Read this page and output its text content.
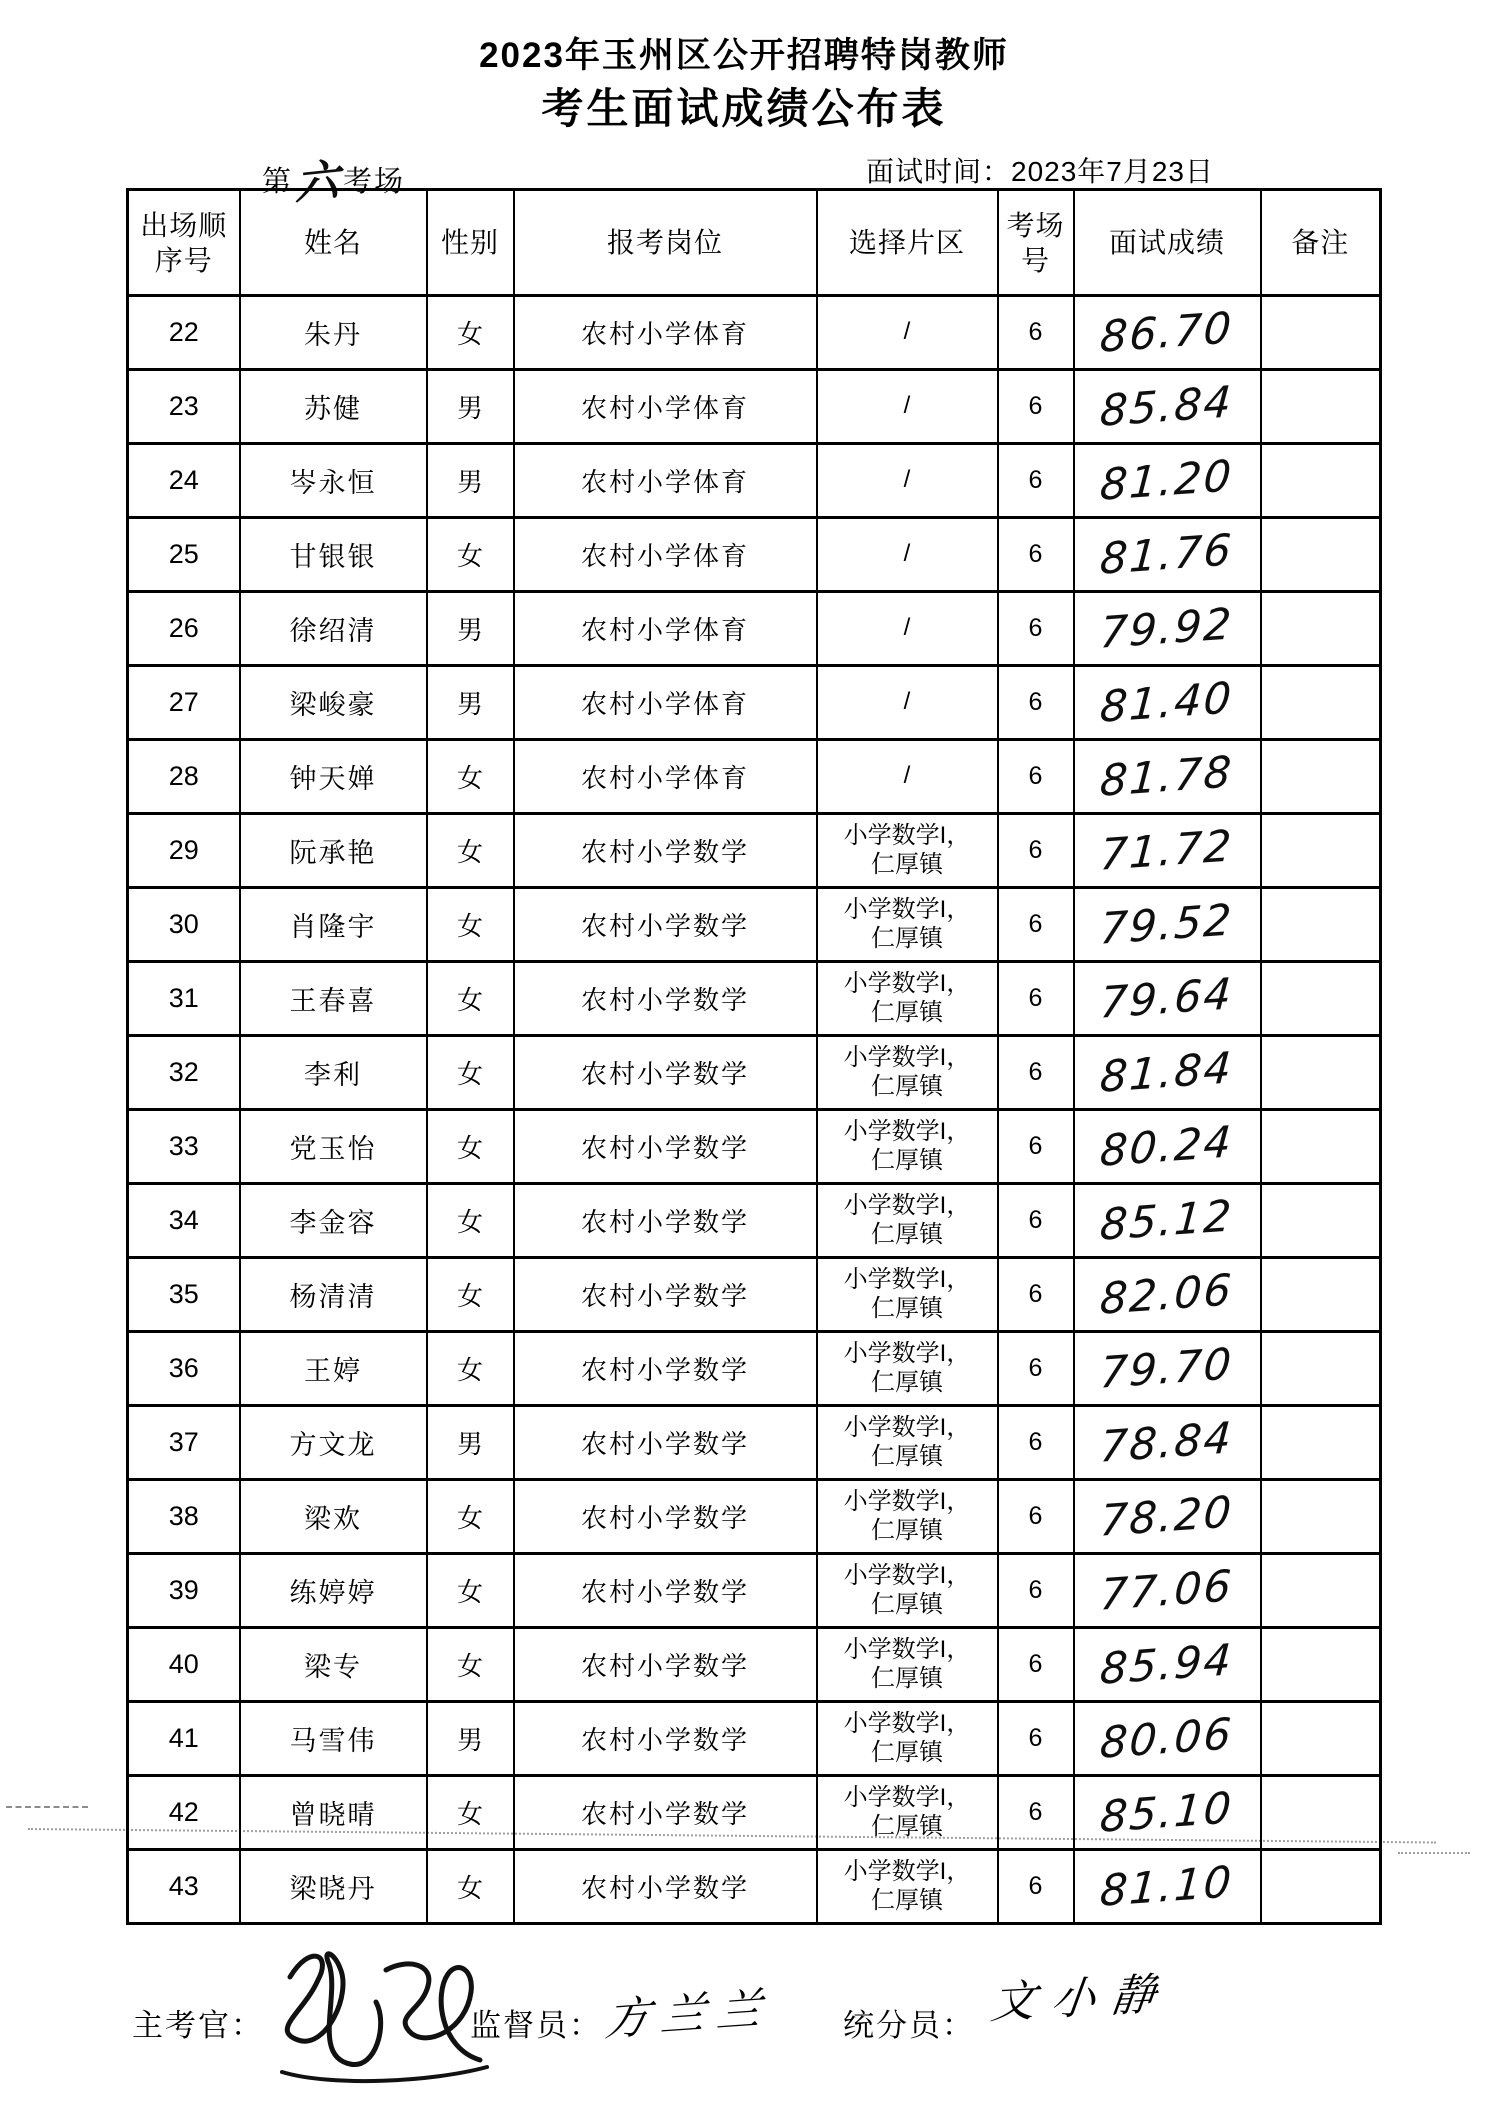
2023年玉州区公开招聘特岗教师
考生面试成绩公布表
第六考场	面试时间：2023年7月23日
出场顺
序号	姓名	性别	报考岗位	选择片区	考场
号	面试成绩	备注
22	朱丹	女	农村小学体育	/	6	86.70	
23	苏健	男	农村小学体育	/	6	85.84	
24	岑永恒	男	农村小学体育	/	6	81.20	
25	甘银银	女	农村小学体育	/	6	81.76	
26	徐绍清	男	农村小学体育	/	6	79.92	
27	梁峻豪	男	农村小学体育	/	6	81.40	
28	钟天婵	女	农村小学体育	/	6	81.78	
29	阮承艳	女	农村小学数学	小学数学I，
仁厚镇	6	71.72	
30	肖隆宇	女	农村小学数学	小学数学I，
仁厚镇	6	79.52	
31	王春喜	女	农村小学数学	小学数学I，
仁厚镇	6	79.64	
32	李利	女	农村小学数学	小学数学I，
仁厚镇	6	81.84	
33	党玉怡	女	农村小学数学	小学数学I，
仁厚镇	6	80.24	
34	李金容	女	农村小学数学	小学数学I，
仁厚镇	6	85.12	
35	杨清清	女	农村小学数学	小学数学I，
仁厚镇	6	82.06	
36	王婷	女	农村小学数学	小学数学I，
仁厚镇	6	79.70	
37	方文龙	男	农村小学数学	小学数学I，
仁厚镇	6	78.84	
38	梁欢	女	农村小学数学	小学数学I，
仁厚镇	6	78.20	
39	练婷婷	女	农村小学数学	小学数学I，
仁厚镇	6	77.06	
40	梁专	女	农村小学数学	小学数学I，
仁厚镇	6	85.94	
41	马雪伟	男	农村小学数学	小学数学I，
仁厚镇	6	80.06	
42	曾晓晴	女	农村小学数学	小学数学I，
仁厚镇	6	85.10	
43	梁晓丹	女	农村小学数学	小学数学I，
仁厚镇	6	81.10	
主考官：	监督员： 方兰兰 统分员： 文小静
